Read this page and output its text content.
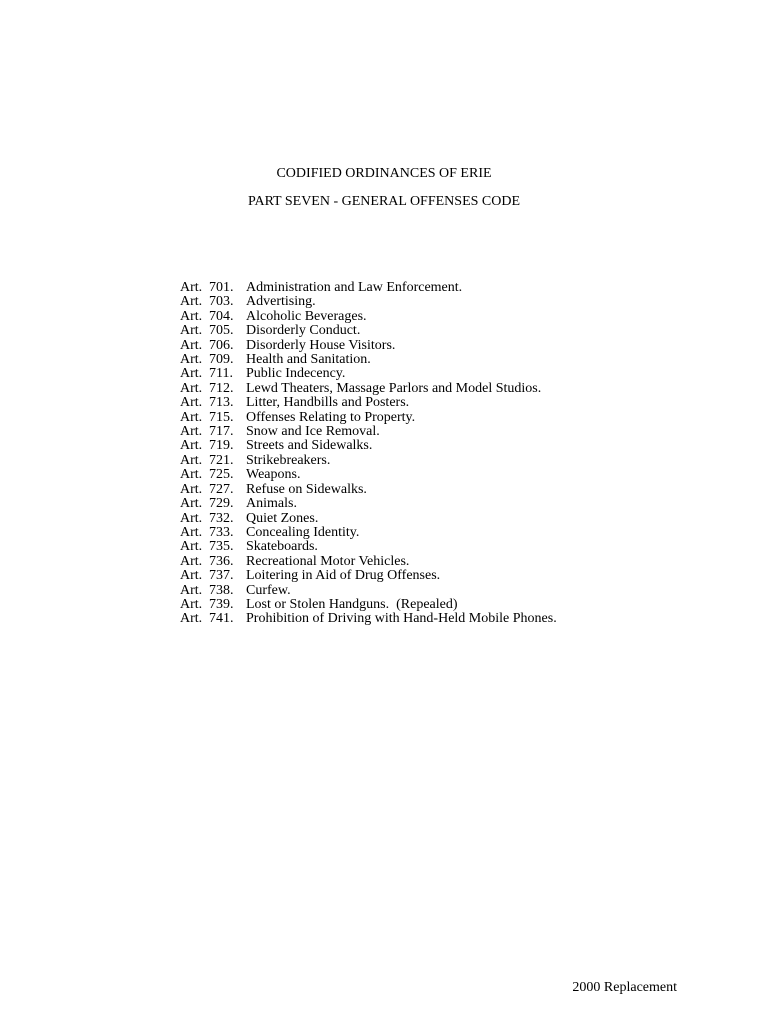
CODIFIED ORDINANCES OF ERIE
PART SEVEN - GENERAL OFFENSES CODE
Art. 701. Administration and Law Enforcement.
Art. 703. Advertising.
Art. 704. Alcoholic Beverages.
Art. 705. Disorderly Conduct.
Art. 706. Disorderly House Visitors.
Art. 709. Health and Sanitation.
Art. 711. Public Indecency.
Art. 712. Lewd Theaters, Massage Parlors and Model Studios.
Art. 713. Litter, Handbills and Posters.
Art. 715. Offenses Relating to Property.
Art. 717. Snow and Ice Removal.
Art. 719. Streets and Sidewalks.
Art. 721. Strikebreakers.
Art. 725. Weapons.
Art. 727. Refuse on Sidewalks.
Art. 729. Animals.
Art. 732. Quiet Zones.
Art. 733. Concealing Identity.
Art. 735. Skateboards.
Art. 736. Recreational Motor Vehicles.
Art. 737. Loitering in Aid of Drug Offenses.
Art. 738. Curfew.
Art. 739. Lost or Stolen Handguns.  (Repealed)
Art. 741. Prohibition of Driving with Hand-Held Mobile Phones.

2000 Replacement
